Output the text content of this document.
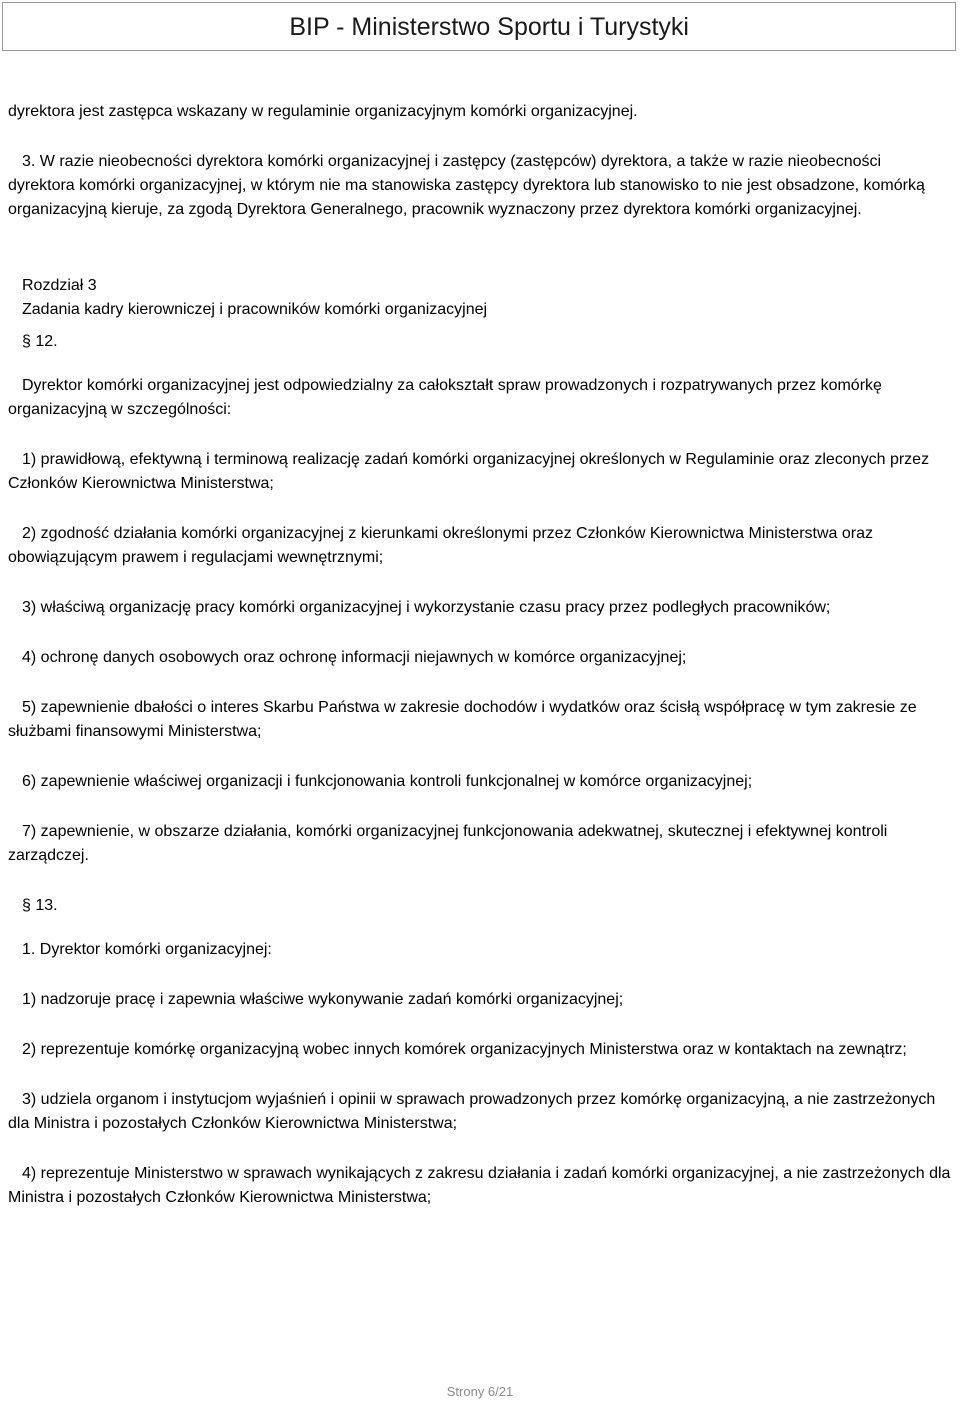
BIP - Ministerstwo Sportu i Turystyki

dyrektora jest zastępca wskazany w regulaminie organizacyjnym komórki organizacyjnej.

3. W razie nieobecności dyrektora komórki organizacyjnej i zastępcy (zastępców) dyrektora, a także w razie nieobecności dyrektora komórki organizacyjnej, w którym nie ma stanowiska zastępcy dyrektora lub stanowisko to nie jest obsadzone, komórką organizacyjną kieruje, za zgodą Dyrektora Generalnego, pracownik wyznaczony przez dyrektora komórki organizacyjnej.

Rozdział 3

Zadania kadry kierowniczej i pracowników komórki organizacyjnej

§ 12.

Dyrektor komórki organizacyjnej jest odpowiedzialny za całokształt spraw prowadzonych i rozpatrywanych przez komórkę organizacyjną w szczególności:

1) prawidłową, efektywną i terminową realizację zadań komórki organizacyjnej określonych w Regulaminie oraz zleconych przez Członków Kierownictwa Ministerstwa;

2) zgodność działania komórki organizacyjnej z kierunkami określonymi przez Członków Kierownictwa Ministerstwa oraz obowiązującym prawem i regulacjami wewnętrznymi;

3) właściwą organizację pracy komórki organizacyjnej i wykorzystanie czasu pracy przez podległych pracowników;

4) ochronę danych osobowych oraz ochronę informacji niejawnych w komórce organizacyjnej;

5) zapewnienie dbałości o interes Skarbu Państwa w zakresie dochodów i wydatków oraz ścisłą współpracę w tym zakresie ze służbami finansowymi Ministerstwa;

6) zapewnienie właściwej organizacji i funkcjonowania kontroli funkcjonalnej w komórce organizacyjnej;

7) zapewnienie, w obszarze działania, komórki organizacyjnej funkcjonowania adekwatnej, skutecznej i efektywnej kontroli zarządczej.

§ 13.

1. Dyrektor komórki organizacyjnej:

1) nadzoruje pracę i zapewnia właściwe wykonywanie zadań komórki organizacyjnej;

2) reprezentuje komórkę organizacyjną wobec innych komórek organizacyjnych Ministerstwa oraz w kontaktach na zewnątrz;

3) udziela organom i instytucjom wyjaśnień i opinii w sprawach prowadzonych przez komórkę organizacyjną, a nie zastrzeżonych dla Ministra i pozostałych Członków Kierownictwa Ministerstwa;

4) reprezentuje Ministerstwo w sprawach wynikających z zakresu działania i zadań komórki organizacyjnej, a nie zastrzeżonych dla Ministra i pozostałych Członków Kierownictwa Ministerstwa;

Strony 6/21
